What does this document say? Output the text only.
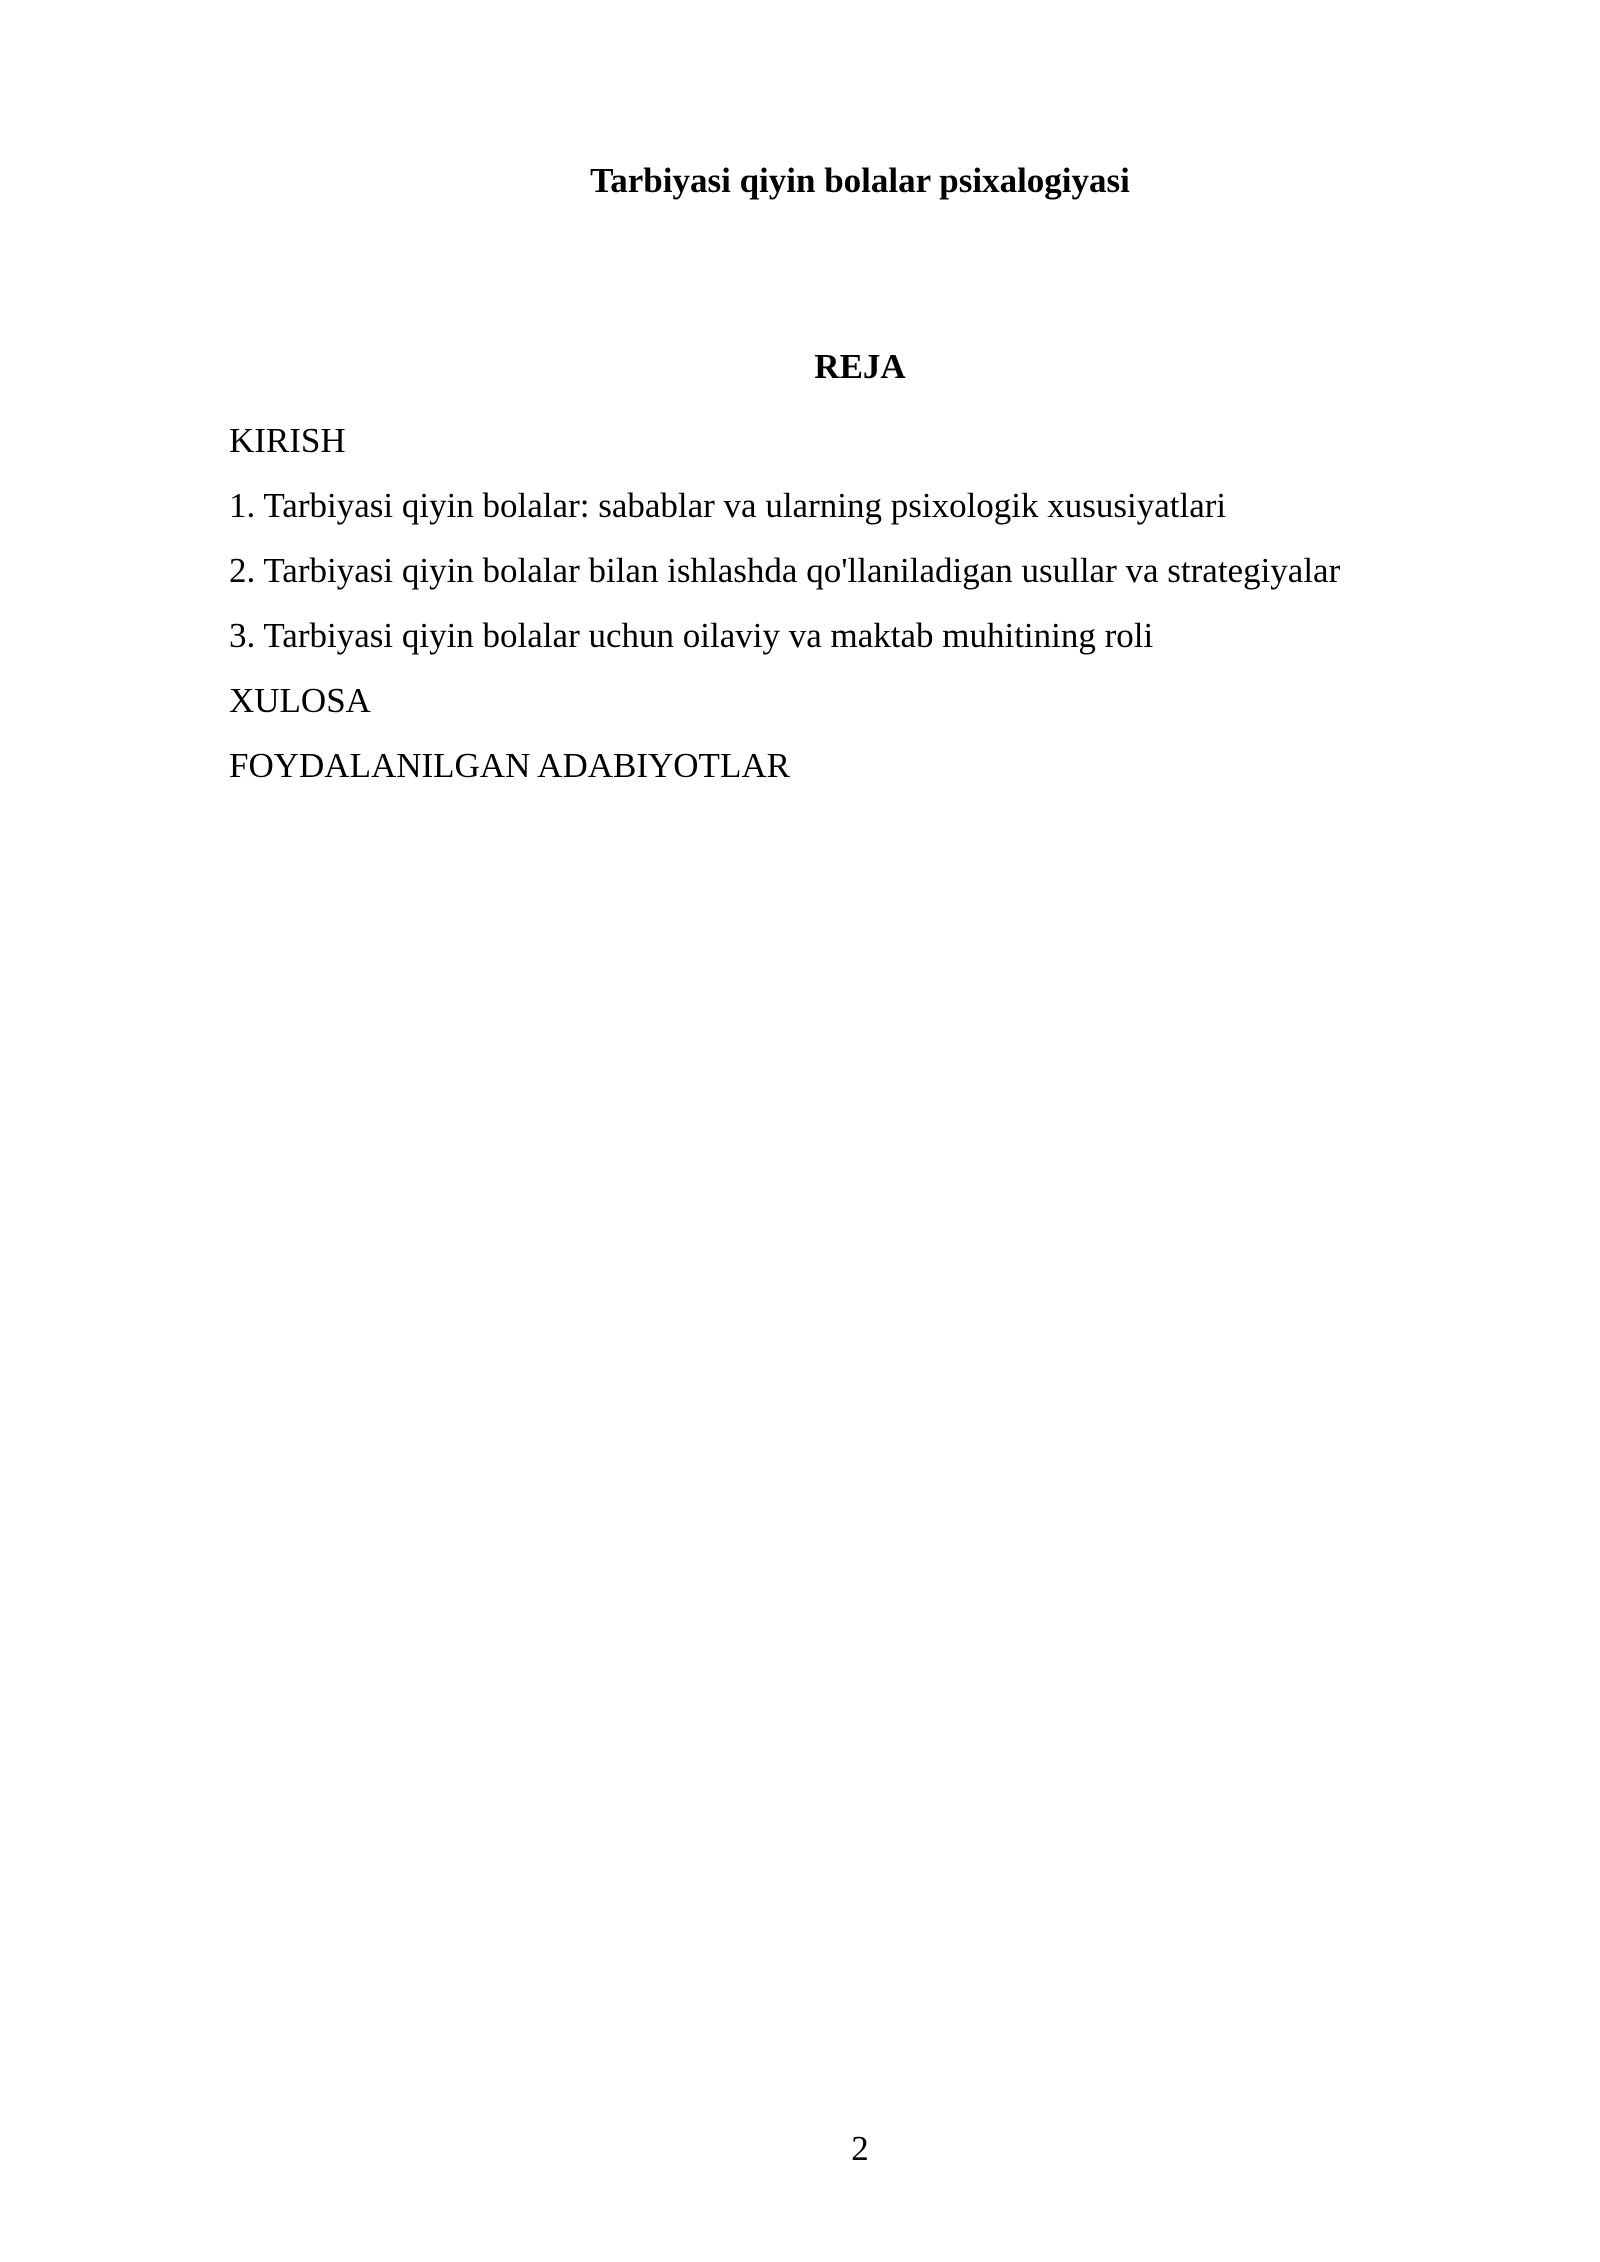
Tarbiyasi qiyin bolalar psixalogiyasi
REJA
KIRISH
1. Tarbiyasi qiyin bolalar: sabablar va ularning psixologik xususiyatlari
2. Tarbiyasi qiyin bolalar bilan ishlashda qo'llaniladigan usullar va strategiyalar
3. Tarbiyasi qiyin bolalar uchun oilaviy va maktab muhitining roli
XULOSA
FOYDALANILGAN ADABIYOTLAR

2
